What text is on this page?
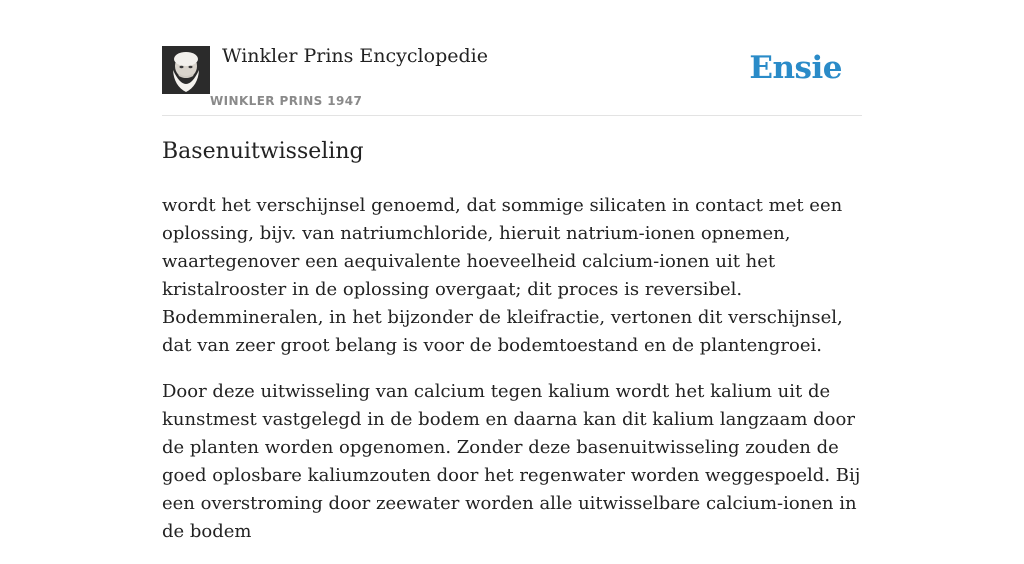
Winkler Prins Encyclopedie
WINKLER PRINS 1947
Ensie
Basenuitwisseling

wordt het verschijnsel genoemd, dat sommige silicaten in contact met een oplossing, bijv. van natriumchloride, hieruit natrium-ionen opnemen, waartegenover een aequivalente hoeveelheid calcium-ionen uit het kristalrooster in de oplossing overgaat; dit proces is reversibel. Bodemmineralen, in het bijzonder de kleifractie, vertonen dit verschijnsel, dat van zeer groot belang is voor de bodemtoestand en de plantengroei.

Door deze uitwisseling van calcium tegen kalium wordt het kalium uit de kunstmest vastgelegd in de bodem en daarna kan dit kalium langzaam door de planten worden opgenomen. Zonder deze basenuitwisseling zouden de goed oplosbare kaliumzouten door het regenwater worden weggespoeld. Bij een overstroming door zeewater worden alle uitwisselbare calcium-ionen in de bodem
